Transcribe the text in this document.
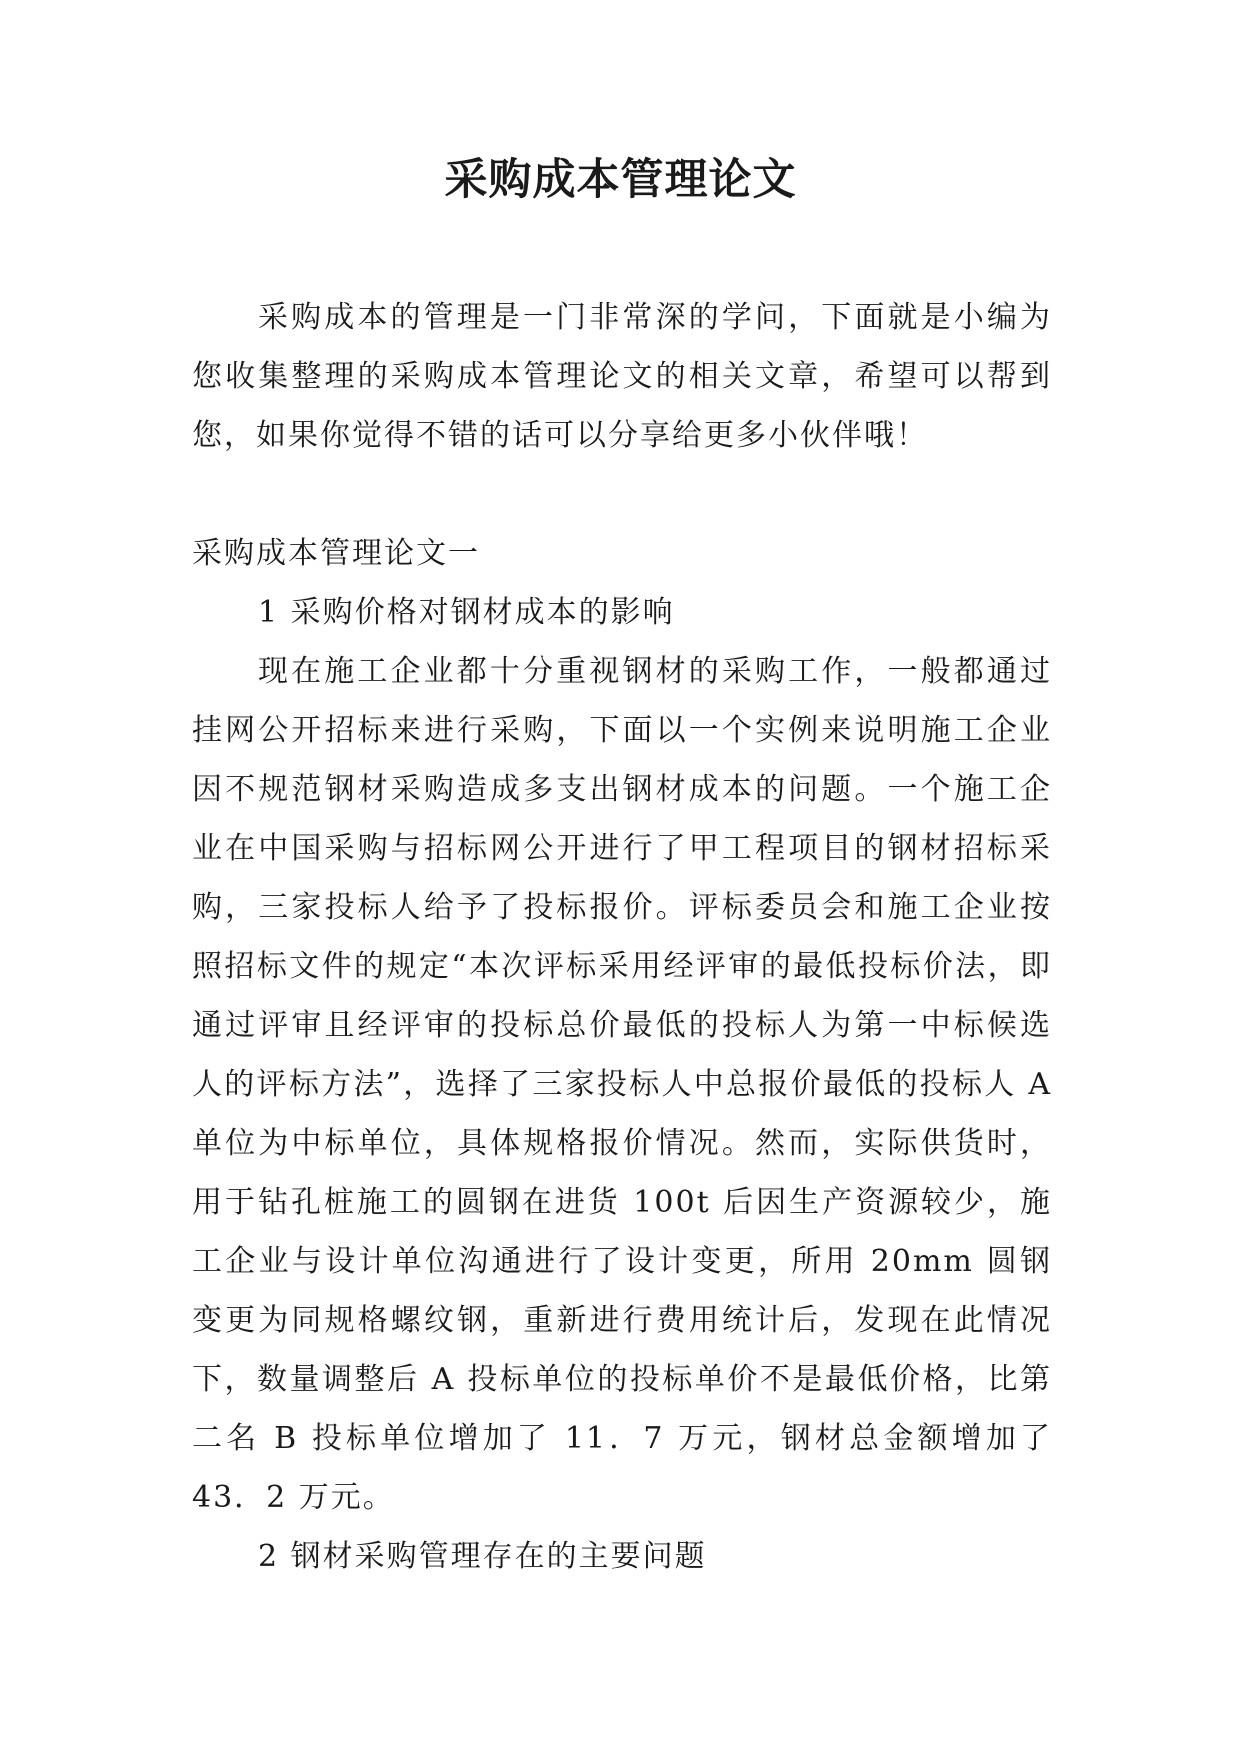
采购成本管理论文

采购成本的管理是一门非常深的学问，下面就是小编为您收集整理的采购成本管理论文的相关文章，希望可以帮到您，如果你觉得不错的话可以分享给更多小伙伴哦！

采购成本管理论文一

1 采购价格对钢材成本的影响

现在施工企业都十分重视钢材的采购工作，一般都通过挂网公开招标来进行采购，下面以一个实例来说明施工企业因不规范钢材采购造成多支出钢材成本的问题。一个施工企业在中国采购与招标网公开进行了甲工程项目的钢材招标采购，三家投标人给予了投标报价。评标委员会和施工企业按照招标文件的规定“本次评标采用经评审的最低投标价法，即通过评审且经评审的投标总价最低的投标人为第一中标候选人的评标方法”，选择了三家投标人中总报价最低的投标人 A 单位为中标单位，具体规格报价情况。然而，实际供货时，用于钻孔桩施工的圆钢在进货 100t 后因生产资源较少，施工企业与设计单位沟通进行了设计变更，所用 20mm 圆钢变更为同规格螺纹钢，重新进行费用统计后，发现在此情况下，数量调整后 A 投标单位的投标单价不是最低价格，比第二名 B 投标单位增加了 11．7 万元，钢材总金额增加了 43．2 万元。

2 钢材采购管理存在的主要问题
